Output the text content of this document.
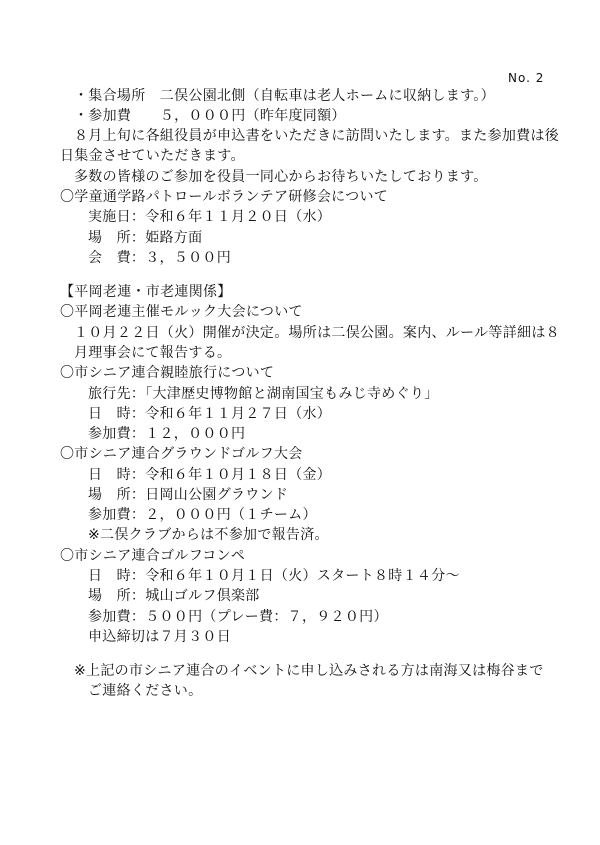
No. 2
・集合場所　二俣公園北側（自転車は老人ホームに収納します。）
・参加費　　５，０００円（昨年度同額）
８月上旬に各組役員が申込書をいただきに訪問いたします。また参加費は後
日集金させていただきます。
多数の皆様のご参加を役員一同心からお待ちいたしております。
〇学童通学路パトロールボランテア研修会について
実施日：令和６年１１月２０日（水）
場　所：姫路方面
会　費：３，５００円
【平岡老連・市老連関係】
〇平岡老連主催モルック大会について
１０月２２日（火）開催が決定。場所は二俣公園。案内、ルール等詳細は８
月理事会にて報告する。
〇市シニア連合親睦旅行について
旅行先：「大津歴史博物館と湖南国宝もみじ寺めぐり」
日　時：令和６年１１月２７日（水）
参加費：１２，０００円
〇市シニア連合グラウンドゴルフ大会
日　時：令和６年１０月１８日（金）
場　所：日岡山公園グラウンド
参加費：２，０００円（１チーム）
※二俣クラブからは不参加で報告済。
〇市シニア連合ゴルフコンペ
日　時：令和６年１０月１日（火）スタート８時１４分～
場　所：城山ゴルフ倶楽部
参加費：５００円（プレー費：７，９２０円）
申込締切は７月３０日
※上記の市シニア連合のイベントに申し込みされる方は南海又は梅谷まで
ご連絡ください。
